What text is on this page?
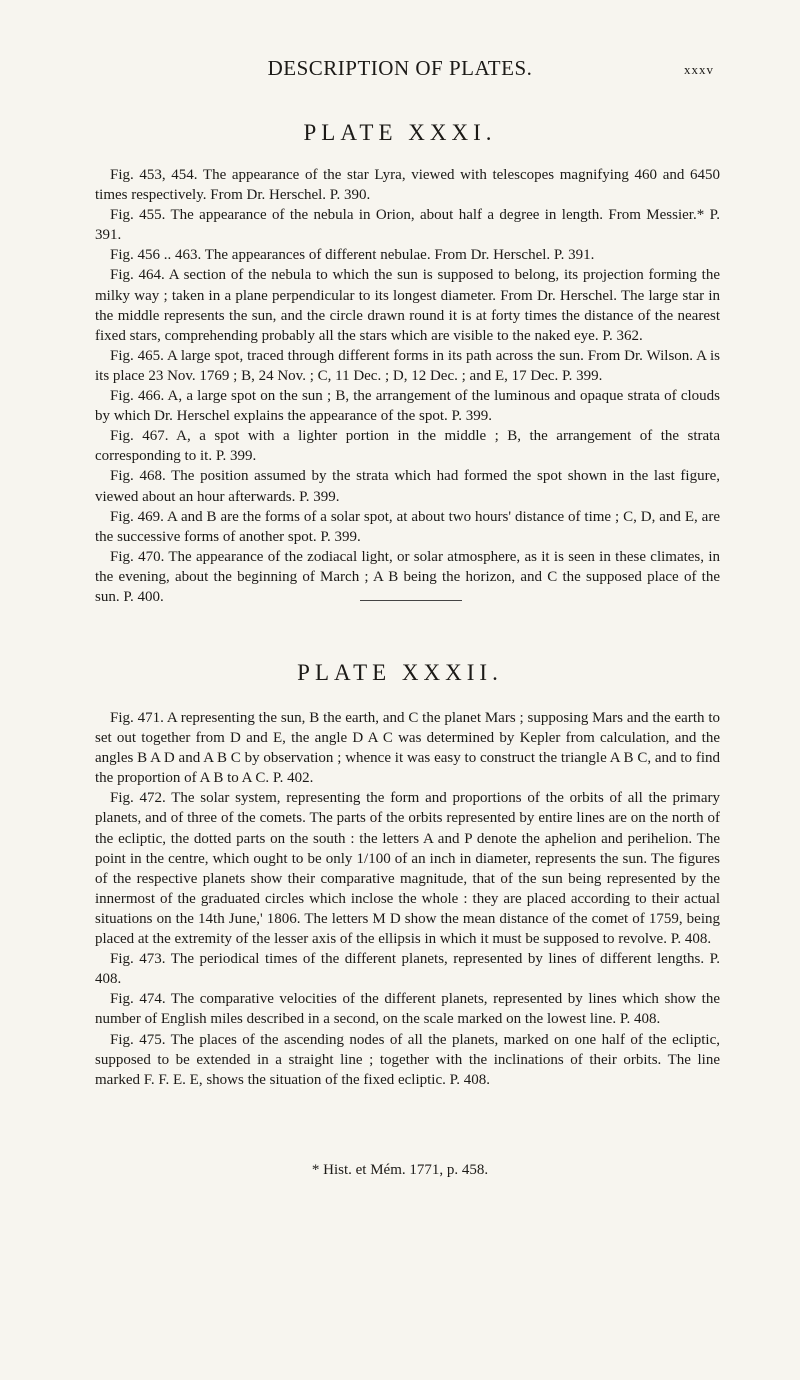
DESCRIPTION OF PLATES.	xxxv
PLATE XXXI.

Fig. 453, 454. The appearance of the star Lyra, viewed with telescopes magnifying 460 and 6450 times respectively. From Dr. Herschel. P. 390.

Fig. 455. The appearance of the nebula in Orion, about half a degree in length. From Messier.* P. 391.

Fig. 456 .. 463. The appearances of different nebulae. From Dr. Herschel. P. 391.

Fig. 464. A section of the nebula to which the sun is supposed to belong, its projection forming the milky way ; taken in a plane perpendicular to its longest diameter. From Dr. Herschel. The large star in the middle represents the sun, and the circle drawn round it is at forty times the distance of the nearest fixed stars, comprehending probably all the stars which are visible to the naked eye. P. 362.

Fig. 465. A large spot, traced through different forms in its path across the sun. From Dr. Wilson. A is its place 23 Nov. 1769 ; B, 24 Nov. ; C, 11 Dec. ; D, 12 Dec. ; and E, 17 Dec. P. 399.

Fig. 466. A, a large spot on the sun ; B, the arrangement of the luminous and opaque strata of clouds by which Dr. Herschel explains the appearance of the spot. P. 399.

Fig. 467. A, a spot with a lighter portion in the middle ; B, the arrangement of the strata corresponding to it. P. 399.

Fig. 468. The position assumed by the strata which had formed the spot shown in the last figure, viewed about an hour afterwards. P. 399.

Fig. 469. A and B are the forms of a solar spot, at about two hours' distance of time ; C, D, and E, are the successive forms of another spot. P. 399.

Fig. 470. The appearance of the zodiacal light, or solar atmosphere, as it is seen in these climates, in the evening, about the beginning of March ; A B being the horizon, and C the supposed place of the sun. P. 400.

PLATE XXXII.

Fig. 471. A representing the sun, B the earth, and C the planet Mars ; supposing Mars and the earth to set out together from D and E, the angle D A C was determined by Kepler from calculation, and the angles B A D and A B C by observation ; whence it was easy to construct the triangle A B C, and to find the proportion of A B to A C. P. 402.

Fig. 472. The solar system, representing the form and proportions of the orbits of all the primary planets, and of three of the comets. The parts of the orbits represented by entire lines are on the north of the ecliptic, the dotted parts on the south : the letters A and P denote the aphelion and perihelion. The point in the centre, which ought to be only 1/100 of an inch in diameter, represents the sun. The figures of the respective planets show their comparative magnitude, that of the sun being represented by the innermost of the graduated circles which inclose the whole : they are placed according to their actual situations on the 14th June,' 1806. The letters M D show the mean distance of the comet of 1759, being placed at the extremity of the lesser axis of the ellipsis in which it must be supposed to revolve. P. 408.

Fig. 473. The periodical times of the different planets, represented by lines of different lengths. P. 408.

Fig. 474. The comparative velocities of the different planets, represented by lines which show the number of English miles described in a second, on the scale marked on the lowest line. P. 408.

Fig. 475. The places of the ascending nodes of all the planets, marked on one half of the ecliptic, supposed to be extended in a straight line ; together with the inclinations of their orbits. The line marked F. F. E. E, shows the situation of the fixed ecliptic. P. 408.

* Hist. et Mém. 1771, p. 458.
